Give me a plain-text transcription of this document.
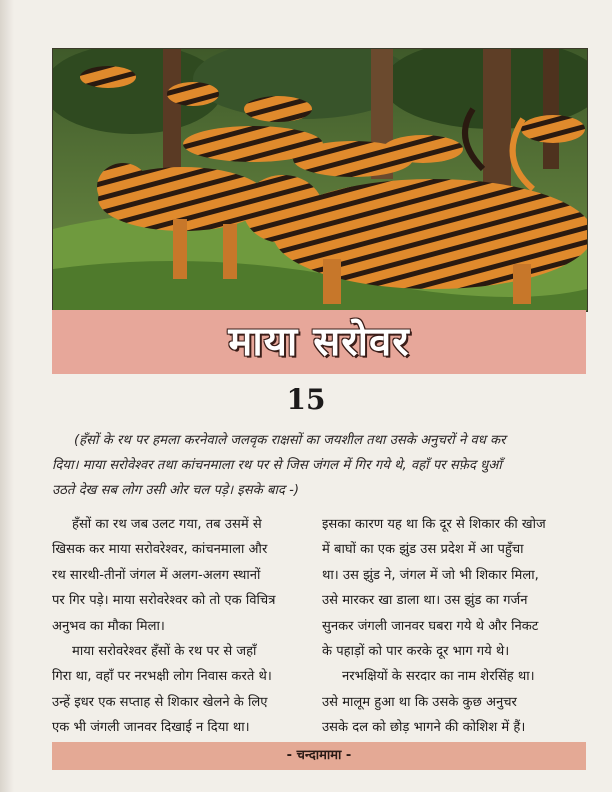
माया सरोवर
15
(हँसों के रथ पर हमला करनेवाले जलवृक राक्षसों का जयशील तथा उसके अनुचरों ने वध कर
दिया। माया सरोवेश्वर तथा कांचनमाला रथ पर से जिस जंगल में गिर गये थे, वहाँ पर सफ़ेद धुआँ
उठते देख सब लोग उसी ओर चल पड़े। इसके बाद -)
हँसों का रथ जब उलट गया, तब उसमें से
खिसक कर माया सरोवरेश्वर, कांचनमाला और
रथ सारथी-तीनों जंगल में अलग-अलग स्थानों
पर गिर पड़े। माया सरोवरेश्वर को तो एक विचित्र
अनुभव का मौका मिला।
माया सरोवरेश्वर हँसों के रथ पर से जहाँ
गिरा था, वहाँ पर नरभक्षी लोग निवास करते थे।
उन्हें इधर एक सप्ताह से शिकार खेलने के लिए
एक भी जंगली जानवर दिखाई न दिया था।
इसका कारण यह था कि दूर से शिकार की खोज
में बाघों का एक झुंड उस प्रदेश में आ पहुँचा
था। उस झुंड ने, जंगल में जो भी शिकार मिला,
उसे मारकर खा डाला था। उस झुंड का गर्जन
सुनकर जंगली जानवर घबरा गये थे और निकट
के पहाड़ों को पार करके दूर भाग गये थे।
नरभक्षियों के सरदार का नाम शेरसिंह था।
उसे मालूम हुआ था कि उसके कुछ अनुचर
उसके दल को छोड़ भागने की कोशिश में हैं।
- चन्दामामा -
